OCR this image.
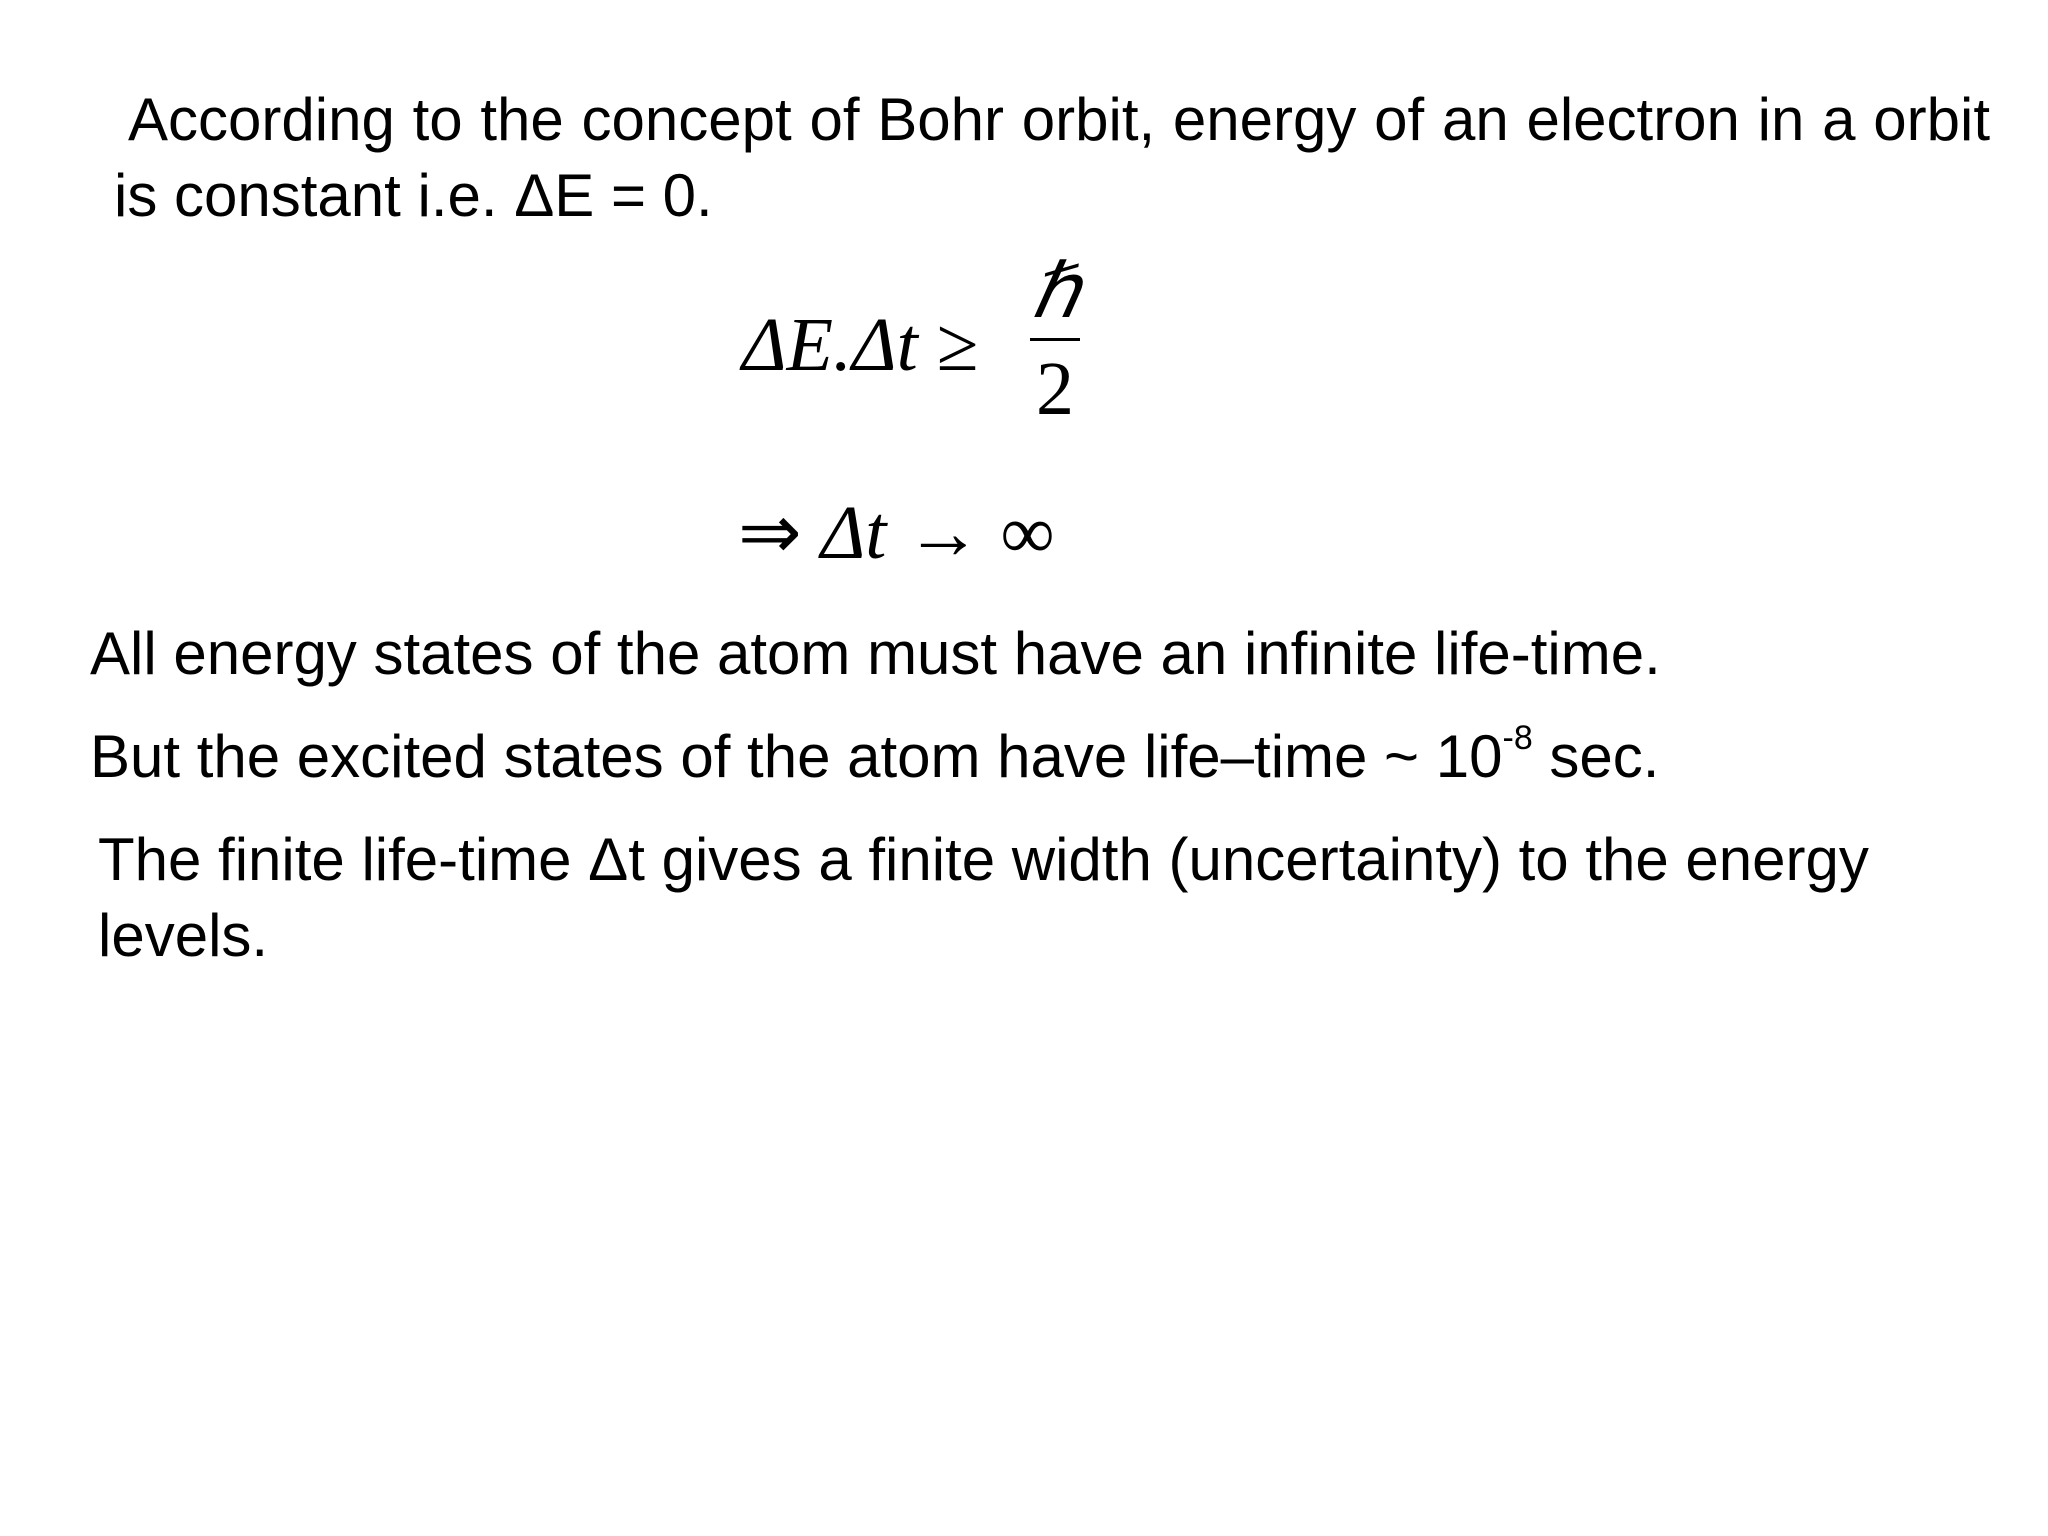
According to the concept of Bohr orbit, energy of an electron in a orbit is constant i.e. ΔE = 0.

ΔE.Δt ≥
ℏ
2
⇒ Δt → ∞

All energy states of the atom must have an infinite life-time.

But the excited states of the atom have life–time ~ $10^{-8}$ sec.

The finite life-time Δt gives a finite width (uncertainty) to the energy levels.
